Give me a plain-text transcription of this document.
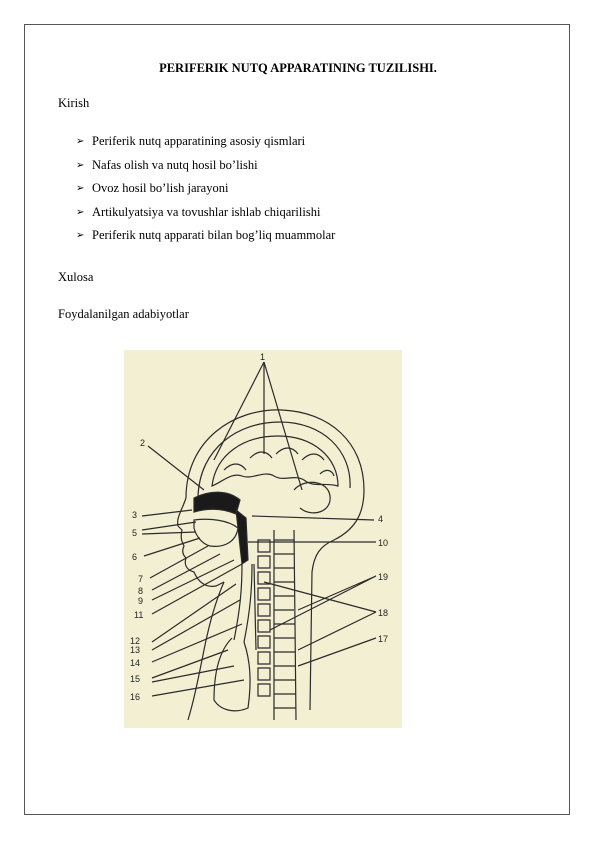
PERIFERIK NUTQ APPARATINING TUZILISHI.
Kirish
➢ Periferik nutq apparatining asosiy qismlari
➢ Nafas olish va nutq hosil bo’lishi
➢ Ovoz hosil bo’lish jarayoni
➢ Artikulyatsiya va tovushlar ishlab chiqarilishi
➢ Periferik nutq apparati bilan bog’liq muammolar
Xulosa
Foydalanilgan adabiyotlar
1
2
3	4
5
6
7
8
9
10
11
12
13
14
15
16
17
18
19
